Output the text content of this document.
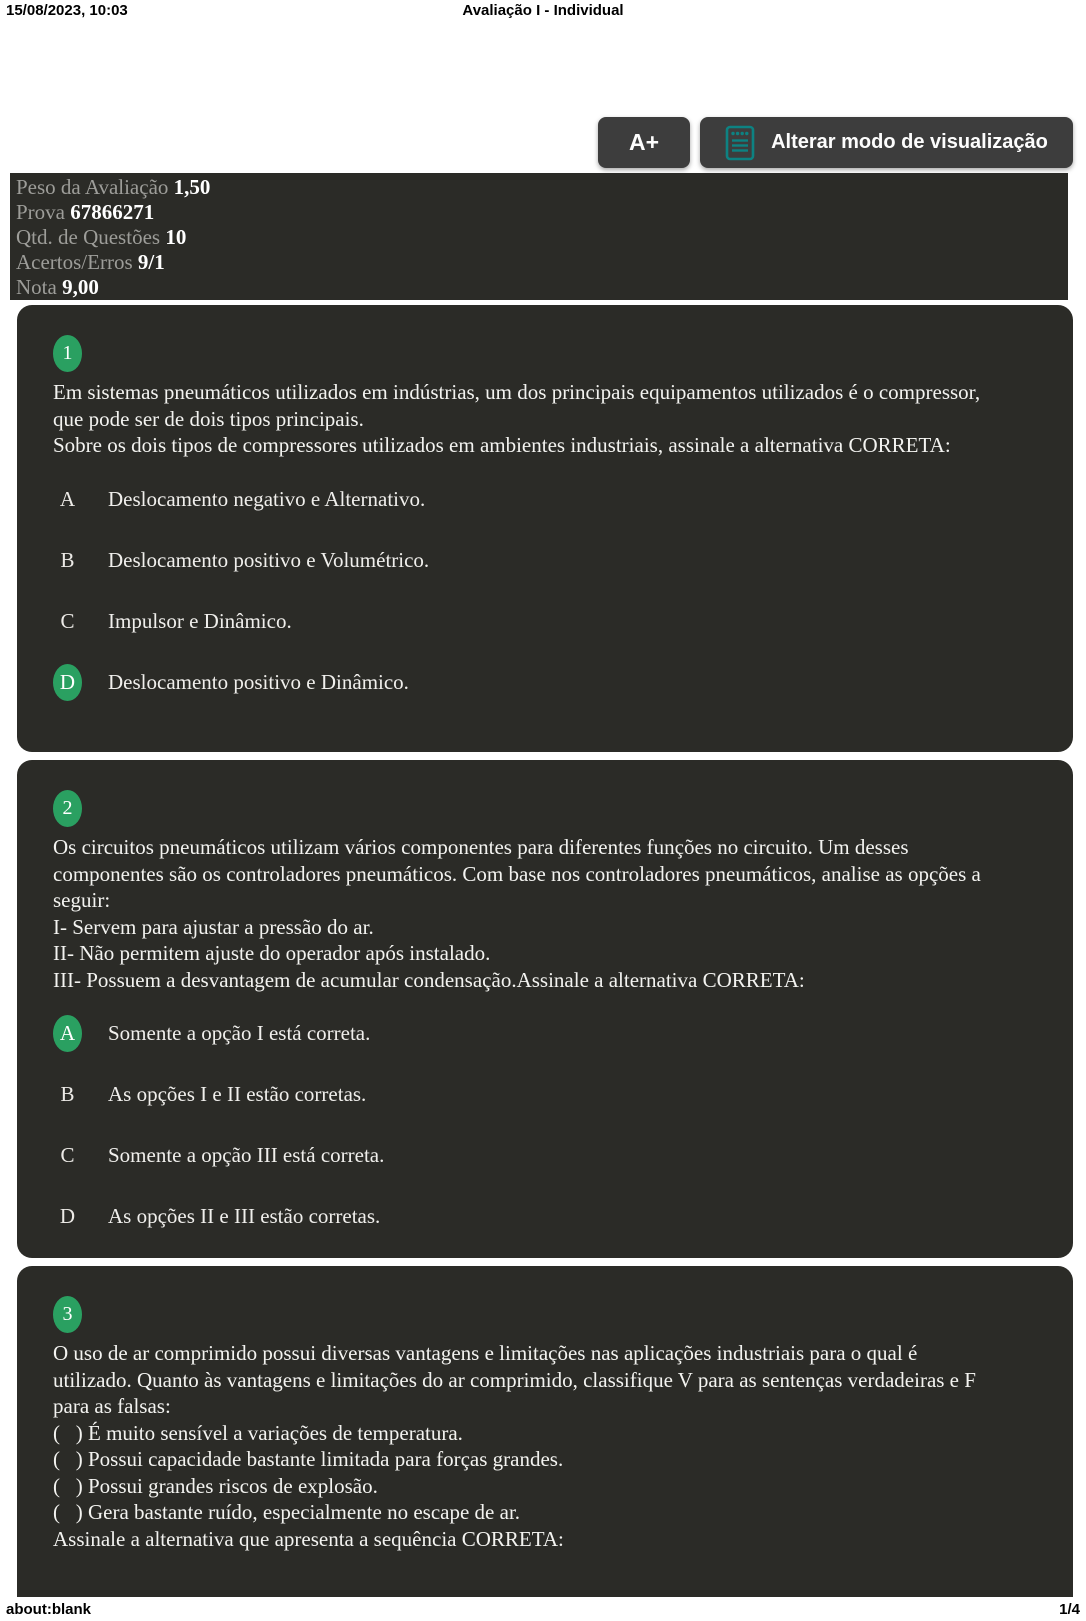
15/08/2023, 10:03	Avaliação I - Individual
A+	Alterar modo de visualização
Peso da Avaliação 1,50
Prova 67866271
Qtd. de Questões 10
Acertos/Erros 9/1
Nota 9,00
1
Em sistemas pneumáticos utilizados em indústrias, um dos principais equipamentos utilizados é o compressor, que pode ser de dois tipos principais.
Sobre os dois tipos de compressores utilizados em ambientes industriais, assinale a alternativa CORRETA:
A	Deslocamento negativo e Alternativo.
B	Deslocamento positivo e Volumétrico.
C	Impulsor e Dinâmico.
D	Deslocamento positivo e Dinâmico.
2
Os circuitos pneumáticos utilizam vários componentes para diferentes funções no circuito. Um desses componentes são os controladores pneumáticos. Com base nos controladores pneumáticos, analise as opções a seguir:
I- Servem para ajustar a pressão do ar.
II- Não permitem ajuste do operador após instalado.
III- Possuem a desvantagem de acumular condensação.Assinale a alternativa CORRETA:
A	Somente a opção I está correta.
B	As opções I e II estão corretas.
C	Somente a opção III está correta.
D	As opções II e III estão corretas.
3
O uso de ar comprimido possui diversas vantagens e limitações nas aplicações industriais para o qual é utilizado. Quanto às vantagens e limitações do ar comprimido, classifique V para as sentenças verdadeiras e F para as falsas:
(   ) É muito sensível a variações de temperatura.
(   ) Possui capacidade bastante limitada para forças grandes.
(   ) Possui grandes riscos de explosão.
(   ) Gera bastante ruído, especialmente no escape de ar.
Assinale a alternativa que apresenta a sequência CORRETA:
about:blank	1/4
